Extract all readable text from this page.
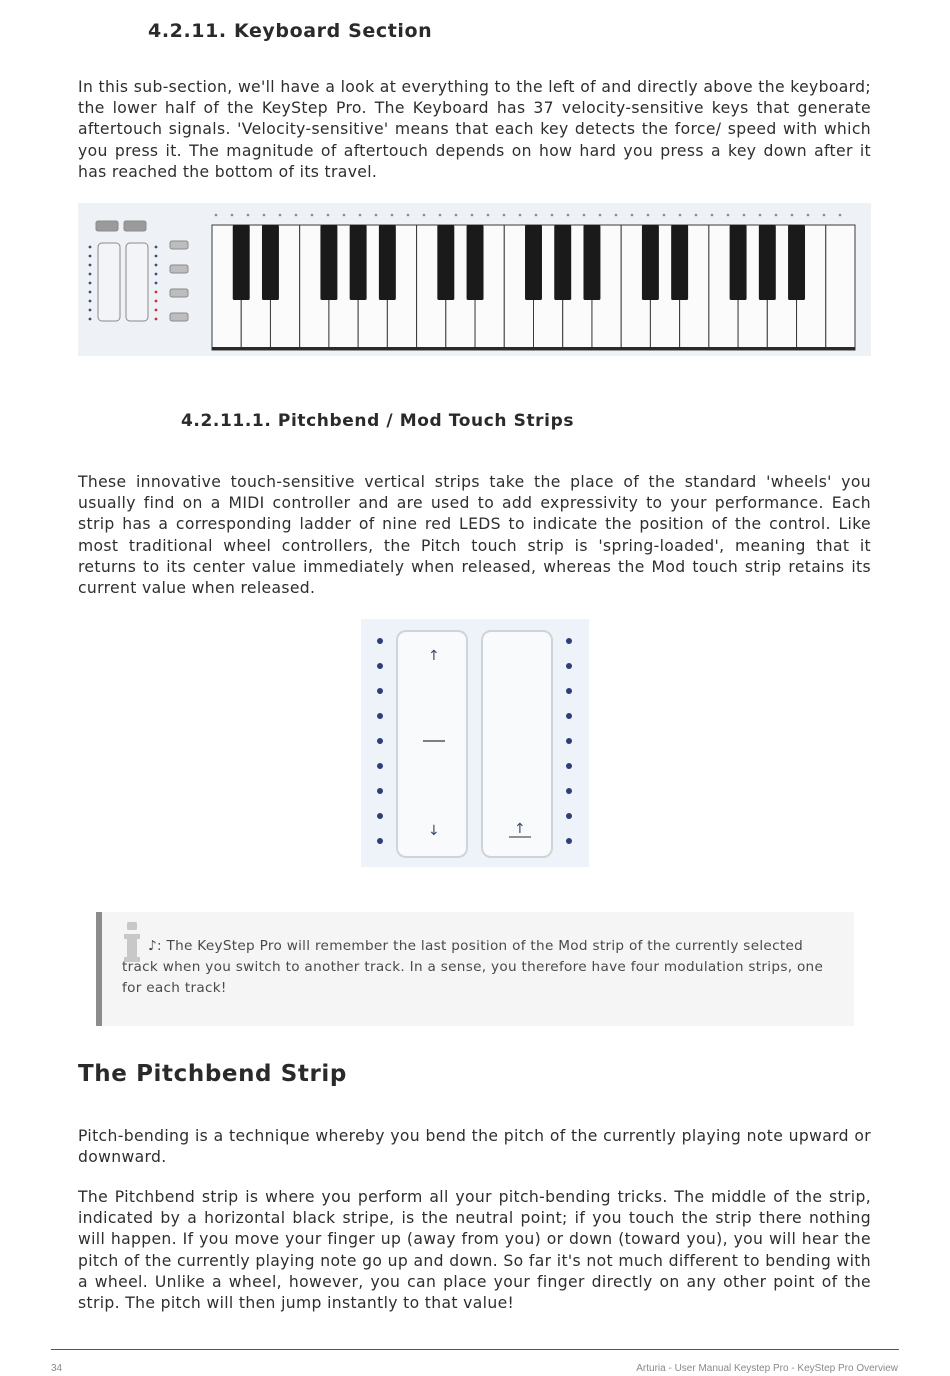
4.2.11. Keyboard Section

In this sub-section, we'll have a look at everything to the left of and directly above the keyboard; the lower half of the KeyStep Pro. The Keyboard has 37 velocity-sensitive keys that generate aftertouch signals. 'Velocity-sensitive' means that each key detects the force/ speed with which you press it. The magnitude of aftertouch depends on how hard you press a key down after it has reached the bottom of its travel.

4.2.11.1. Pitchbend / Mod Touch Strips

These innovative touch-sensitive vertical strips take the place of the standard 'wheels' you usually find on a MIDI controller and are used to add expressivity to your performance. Each strip has a corresponding ladder of nine red LEDS to indicate the position of the control. Like most traditional wheel controllers, the Pitch touch strip is 'spring-loaded', meaning that it returns to its center value immediately when released, whereas the Mod touch strip retains its current value when released.

↑
↓	↑

♪: The KeyStep Pro will remember the last position of the Mod strip of the currently selected track when you switch to another track. In a sense, you therefore have four modulation strips, one for each track!

The Pitchbend Strip

Pitch-bending is a technique whereby you bend the pitch of the currently playing note upward or downward.

The Pitchbend strip is where you perform all your pitch-bending tricks. The middle of the strip, indicated by a horizontal black stripe, is the neutral point; if you touch the strip there nothing will happen. If you move your finger up (away from you) or down (toward you), you will hear the pitch of the currently playing note go up and down. So far it's not much different to bending with a wheel. Unlike a wheel, however, you can place your finger directly on any other point of the strip. The pitch will then jump instantly to that value!

34	Arturia - User Manual Keystep Pro - KeyStep Pro Overview
